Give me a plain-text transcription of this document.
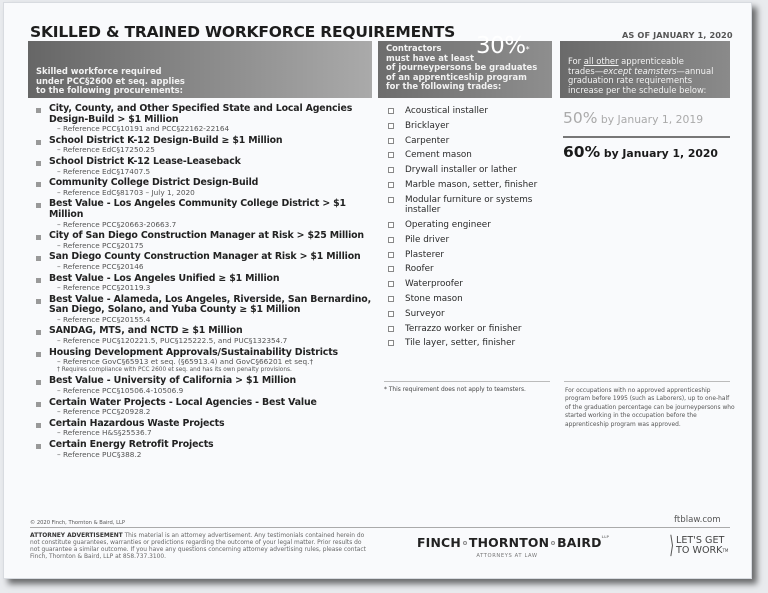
SKILLED & TRAINED WORKFORCE REQUIREMENTS	AS OF JANUARY 1, 2020
Skilled workforce required
under PCC§2600 et seq. applies
to the following procurements:
Contractors
must have at least
of journeypersons be graduates
of an apprenticeship program
for the following trades:
30%*
For all other apprenticeable
trades—except teamsters—annual
graduation rate requirements
increase per the schedule below:
City, County, and Other Specified State and Local Agencies Design-Build > $1 Million
– Reference PCC§10191 and PCC§22162-22164
School District K-12 Design-Build ≥ $1 Million
– Reference EdC§17250.25
School District K-12 Lease-Leaseback
– Reference EdC§17407.5
Community College District Design-Build
– Reference EdC§81703 – July 1, 2020
Best Value - Los Angeles Community College District > $1 Million
– Reference PCC§20663-20663.7
City of San Diego Construction Manager at Risk > $25 Million
– Reference PCC§20175
San Diego County Construction Manager at Risk > $1 Million
– Reference PCC§20146
Best Value - Los Angeles Unified ≥ $1 Million
– Reference PCC§20119.3
Best Value - Alameda, Los Angeles, Riverside, San Bernardino, San Diego, Solano, and Yuba County ≥ $1 Million
– Reference PCC§20155.4
SANDAG, MTS, and NCTD ≥ $1 Million
– Reference PUC§120221.5, PUC§125222.5, and PUC§132354.7
Housing Development Approvals/Sustainability Districts
– Reference GovC§65913 et seq. (§65913.4) and GovC§66201 et seq.†
† Requires compliance with PCC 2600 et seq. and has its own penalty provisions.
Best Value - University of California > $1 Million
– Reference PCC§10506.4-10506.9
Certain Water Projects - Local Agencies - Best Value
– Reference PCC§20928.2
Certain Hazardous Waste Projects
– Reference H&S§25536.7
Certain Energy Retrofit Projects
– Reference PUC§388.2
Acoustical installer
Bricklayer
Carpenter
Cement mason
Drywall installer or lather
Marble mason, setter, finisher
Modular furniture or systems installer
Operating engineer
Pile driver
Plasterer
Roofer
Waterproofer
Stone mason
Surveyor
Terrazzo worker or finisher
Tile layer, setter, finisher
50% by January 1, 2019
60% by January 1, 2020
* This requirement does not apply to teamsters.	For occupations with no approved apprenticeship program before 1995 (such as Laborers), up to one-half of the graduation percentage can be journeypersons who started working in the occupation before the apprenticeship program was approved.
© 2020 Finch, Thornton & Baird, LLP	ftblaw.com
ATTORNEY ADVERTISEMENT This material is an attorney advertisement. Any testimonials contained herein do not constitute guarantees, warranties or predictions regarding the outcome of your legal matter. Prior results do not guarantee a similar outcome. If you have any questions concerning attorney advertising rules, please contact Finch, Thornton & Baird, LLP at 858.737.3100.
FINCH THORNTON $BAIRD^{LLP}$
ATTORNEYS AT LAW	⟩ LET'S GET
TO WORK™
